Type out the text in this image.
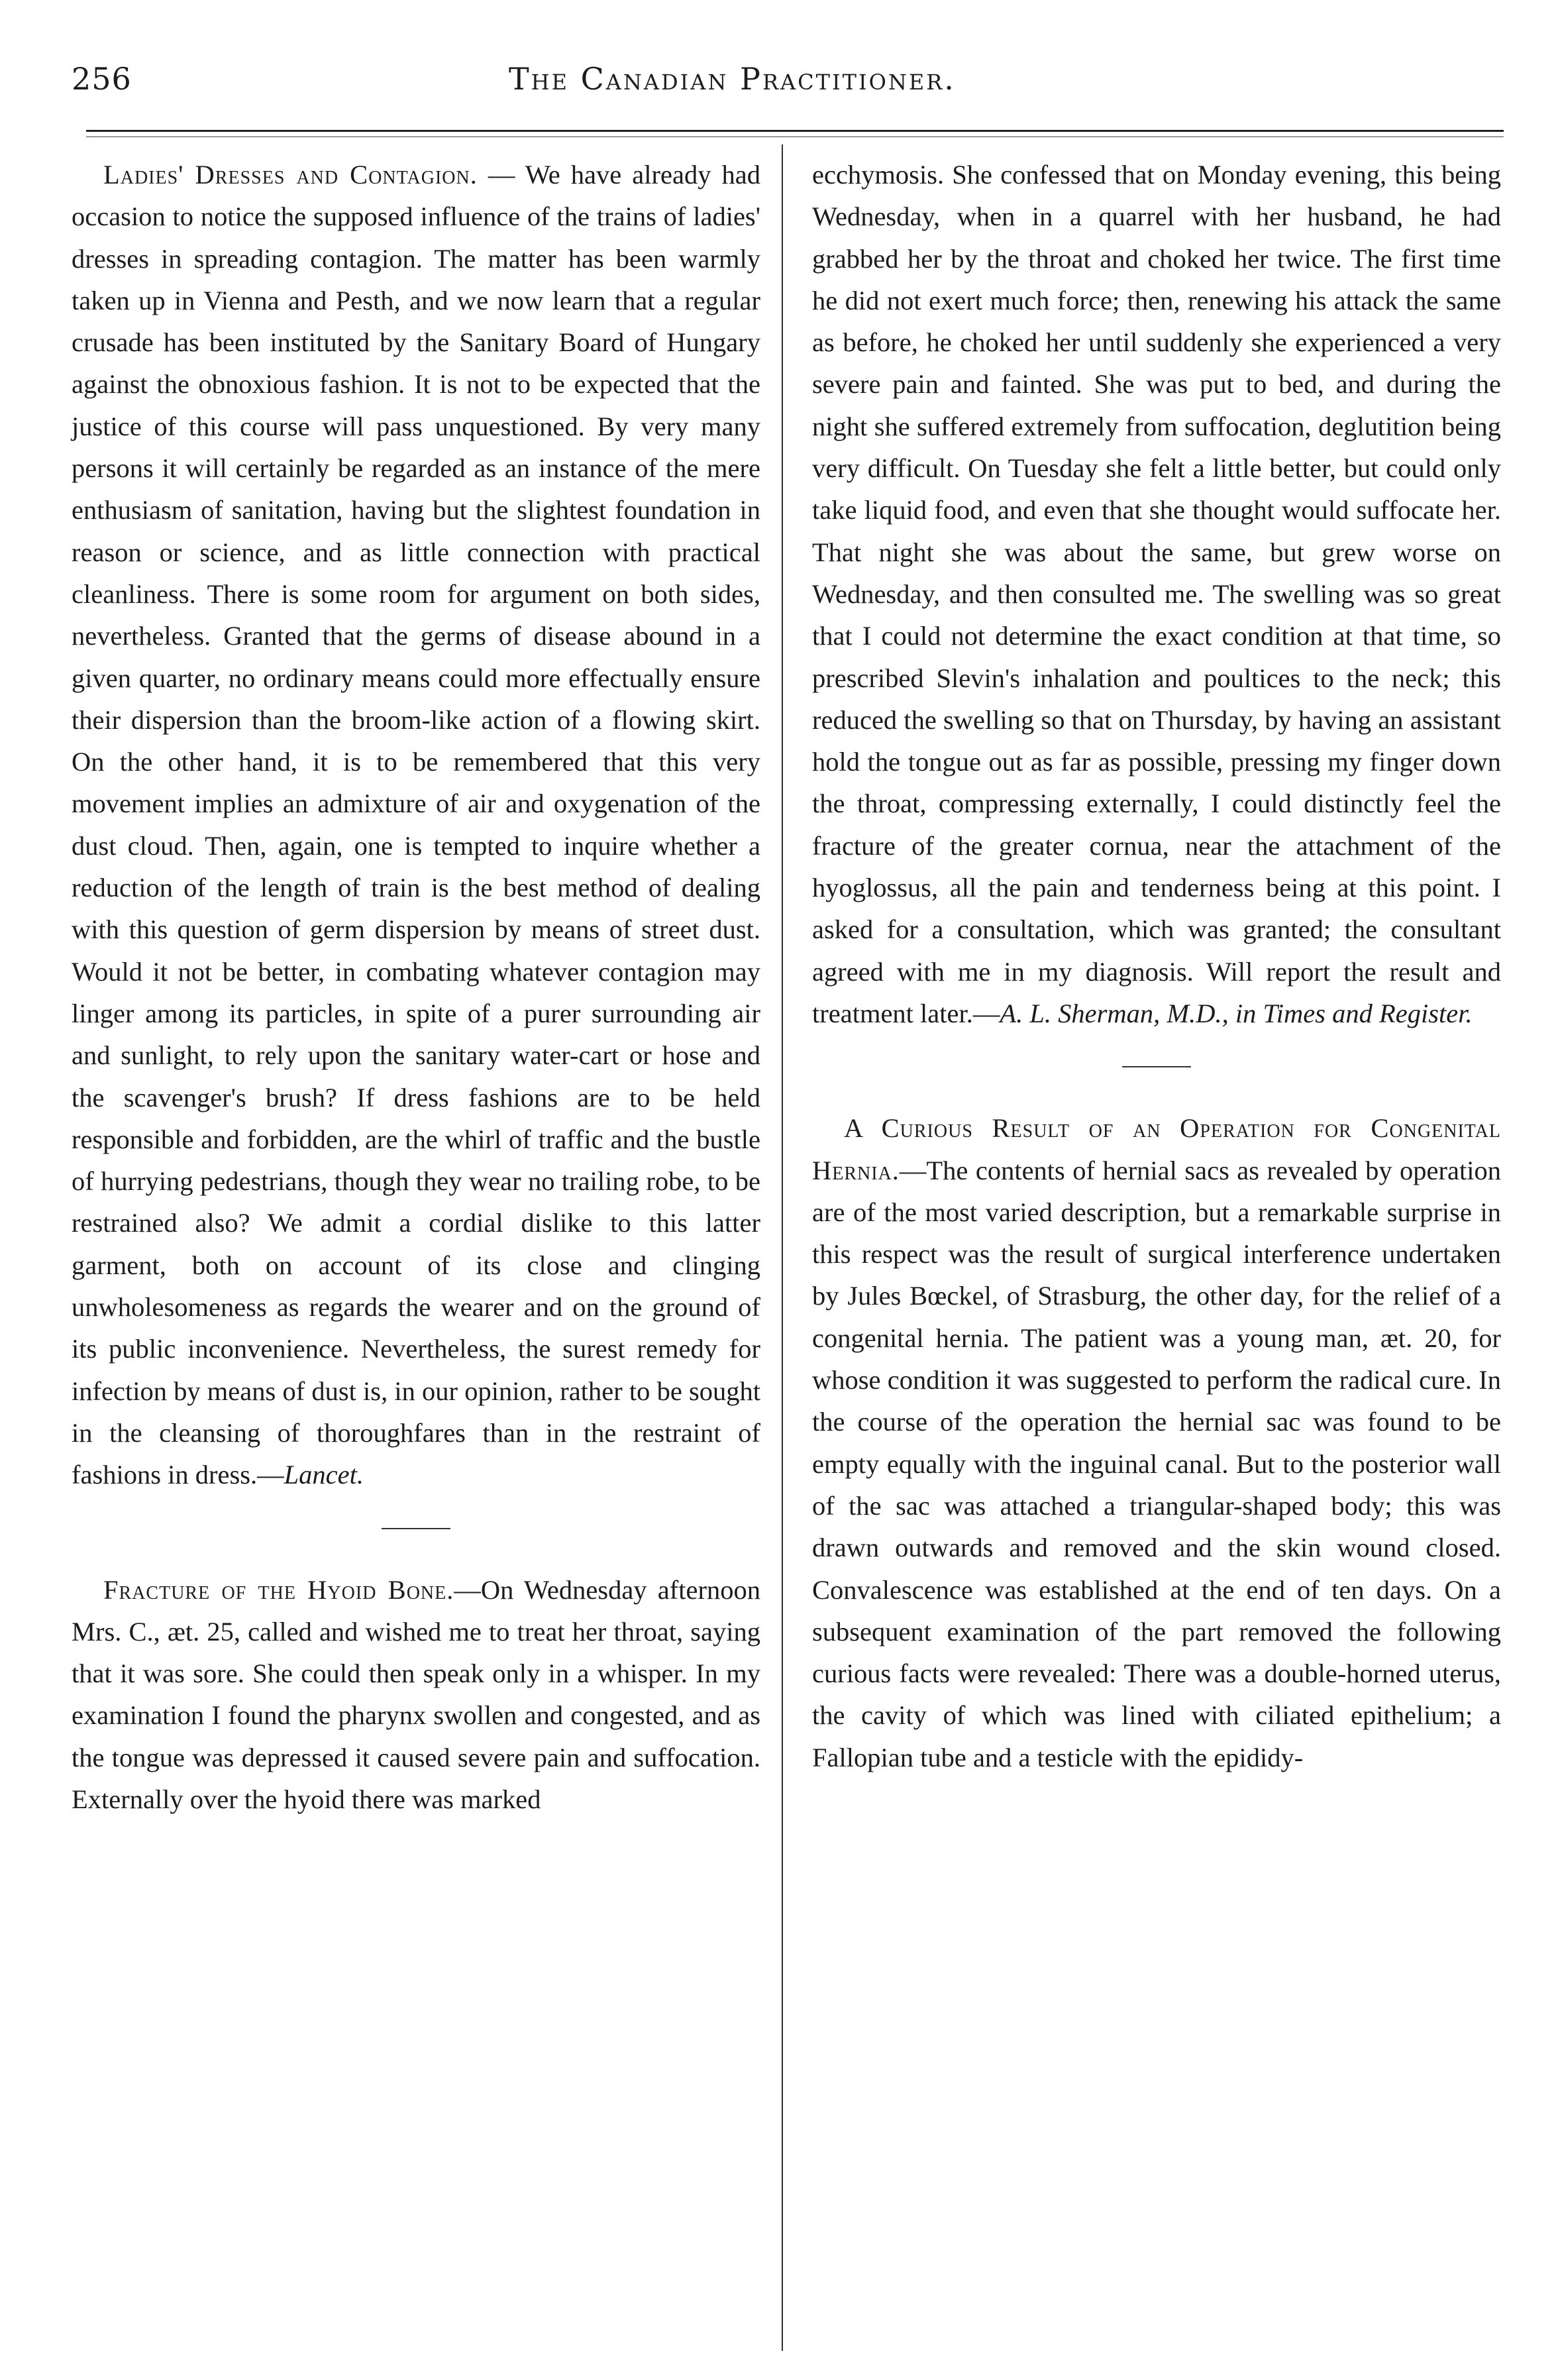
256	The Canadian Practitioner.

Ladies' Dresses and Contagion. — We have already had occasion to notice the supposed influence of the trains of ladies' dresses in spreading contagion. The matter has been warmly taken up in Vienna and Pesth, and we now learn that a regular crusade has been instituted by the Sanitary Board of Hungary against the obnoxious fashion. It is not to be expected that the justice of this course will pass unquestioned. By very many persons it will certainly be regarded as an instance of the mere enthusiasm of sanitation, having but the slightest foundation in reason or science, and as little connection with practical cleanliness. There is some room for argument on both sides, nevertheless. Granted that the germs of disease abound in a given quarter, no ordinary means could more effectually ensure their dispersion than the broom-like action of a flowing skirt. On the other hand, it is to be remembered that this very movement implies an admixture of air and oxygenation of the dust cloud. Then, again, one is tempted to inquire whether a reduction of the length of train is the best method of dealing with this question of germ dispersion by means of street dust. Would it not be better, in combating whatever contagion may linger among its particles, in spite of a purer surrounding air and sunlight, to rely upon the sanitary water-cart or hose and the scavenger's brush? If dress fashions are to be held responsible and forbidden, are the whirl of traffic and the bustle of hurrying pedestrians, though they wear no trailing robe, to be restrained also? We admit a cordial dislike to this latter garment, both on account of its close and clinging unwholesomeness as regards the wearer and on the ground of its public inconvenience. Nevertheless, the surest remedy for infection by means of dust is, in our opinion, rather to be sought in the cleansing of thoroughfares than in the restraint of fashions in dress.—Lancet.

Fracture of the Hyoid Bone.—On Wednesday afternoon Mrs. C., æt. 25, called and wished me to treat her throat, saying that it was sore. She could then speak only in a whisper. In my examination I found the pharynx swollen and congested, and as the tongue was depressed it caused severe pain and suffocation. Externally over the hyoid there was marked

ecchymosis. She confessed that on Monday evening, this being Wednesday, when in a quarrel with her husband, he had grabbed her by the throat and choked her twice. The first time he did not exert much force; then, renewing his attack the same as before, he choked her until suddenly she experienced a very severe pain and fainted. She was put to bed, and during the night she suffered extremely from suffocation, deglutition being very difficult. On Tuesday she felt a little better, but could only take liquid food, and even that she thought would suffocate her. That night she was about the same, but grew worse on Wednesday, and then consulted me. The swelling was so great that I could not determine the exact condition at that time, so prescribed Slevin's inhalation and poultices to the neck; this reduced the swelling so that on Thursday, by having an assistant hold the tongue out as far as possible, pressing my finger down the throat, compressing externally, I could distinctly feel the fracture of the greater cornua, near the attachment of the hyoglossus, all the pain and tenderness being at this point. I asked for a consultation, which was granted; the consultant agreed with me in my diagnosis. Will report the result and treatment later.—A. L. Sherman, M.D., in Times and Register.

A Curious Result of an Operation for Congenital Hernia.—The contents of hernial sacs as revealed by operation are of the most varied description, but a remarkable surprise in this respect was the result of surgical interference undertaken by Jules Bœckel, of Strasburg, the other day, for the relief of a congenital hernia. The patient was a young man, æt. 20, for whose condition it was suggested to perform the radical cure. In the course of the operation the hernial sac was found to be empty equally with the inguinal canal. But to the posterior wall of the sac was attached a triangular-shaped body; this was drawn outwards and removed and the skin wound closed. Convalescence was established at the end of ten days. On a subsequent examination of the part removed the following curious facts were revealed: There was a double-horned uterus, the cavity of which was lined with ciliated epithelium; a Fallopian tube and a testicle with the epididy-
